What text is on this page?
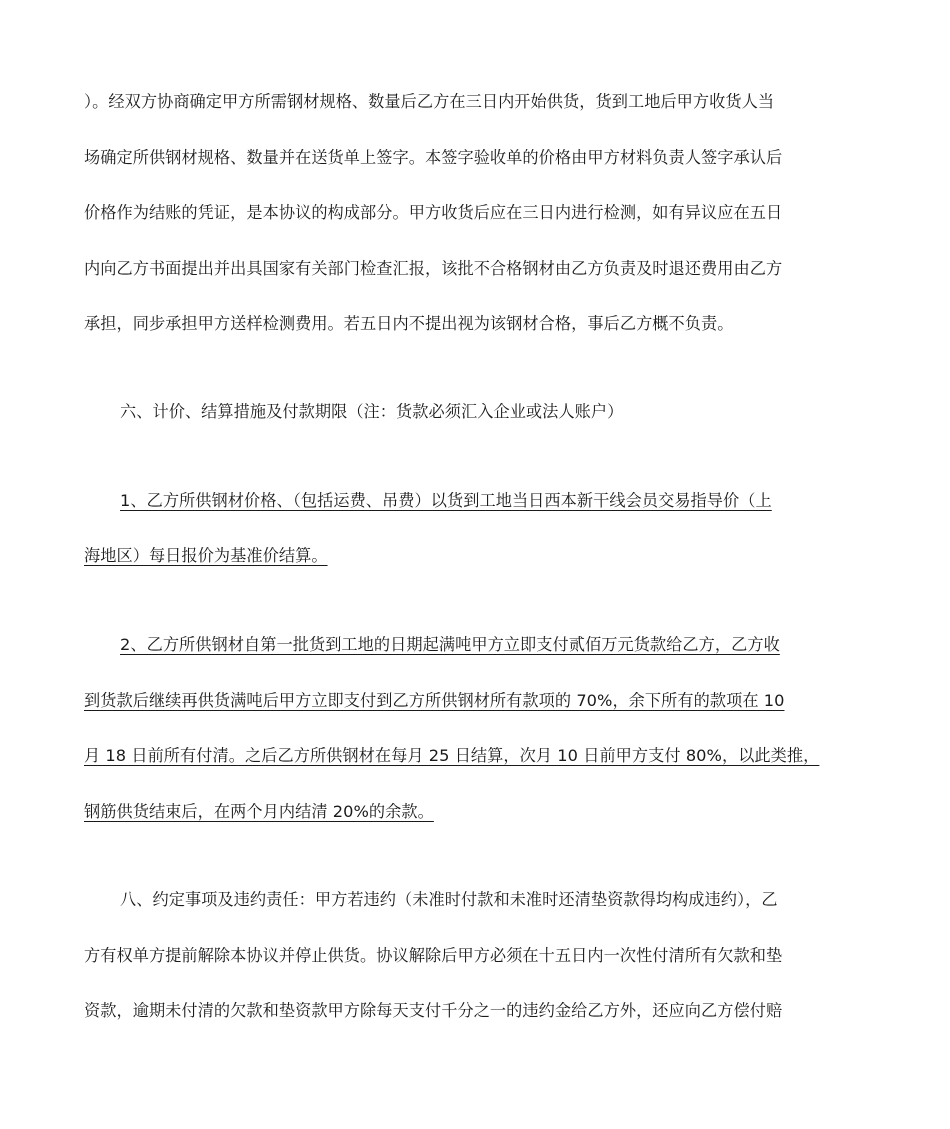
）。经双方协商确定甲方所需钢材规格、数量后乙方在三日内开始供货，货到工地后甲方收货人当
场确定所供钢材规格、数量并在送货单上签字。本签字验收单的价格由甲方材料负责人签字承认后
价格作为结账的凭证，是本协议的构成部分。甲方收货后应在三日内进行检测，如有异议应在五日
内向乙方书面提出并出具国家有关部门检查汇报，该批不合格钢材由乙方负责及时退还费用由乙方
承担，同步承担甲方送样检测费用。若五日内不提出视为该钢材合格，事后乙方概不负责。
六、计价、结算措施及付款期限（注：货款必须汇入企业或法人账户）
1、乙方所供钢材价格、（包括运费、吊费）以货到工地当日西本新干线会员交易指导价（上
海地区）每日报价为基准价结算。
2、乙方所供钢材自第一批货到工地的日期起满吨甲方立即支付贰佰万元货款给乙方，乙方收
到货款后继续再供货满吨后甲方立即支付到乙方所供钢材所有款项的 70%，余下所有的款项在 10
月 18 日前所有付清。之后乙方所供钢材在每月 25 日结算，次月 10 日前甲方支付 80%，以此类推，
钢筋供货结束后，在两个月内结清 20%的余款。
八、约定事项及违约责任：甲方若违约（未准时付款和未准时还清垫资款得均构成违约），乙
方有权单方提前解除本协议并停止供货。协议解除后甲方必须在十五日内一次性付清所有欠款和垫
资款，逾期未付清的欠款和垫资款甲方除每天支付千分之一的违约金给乙方外，还应向乙方偿付赔
